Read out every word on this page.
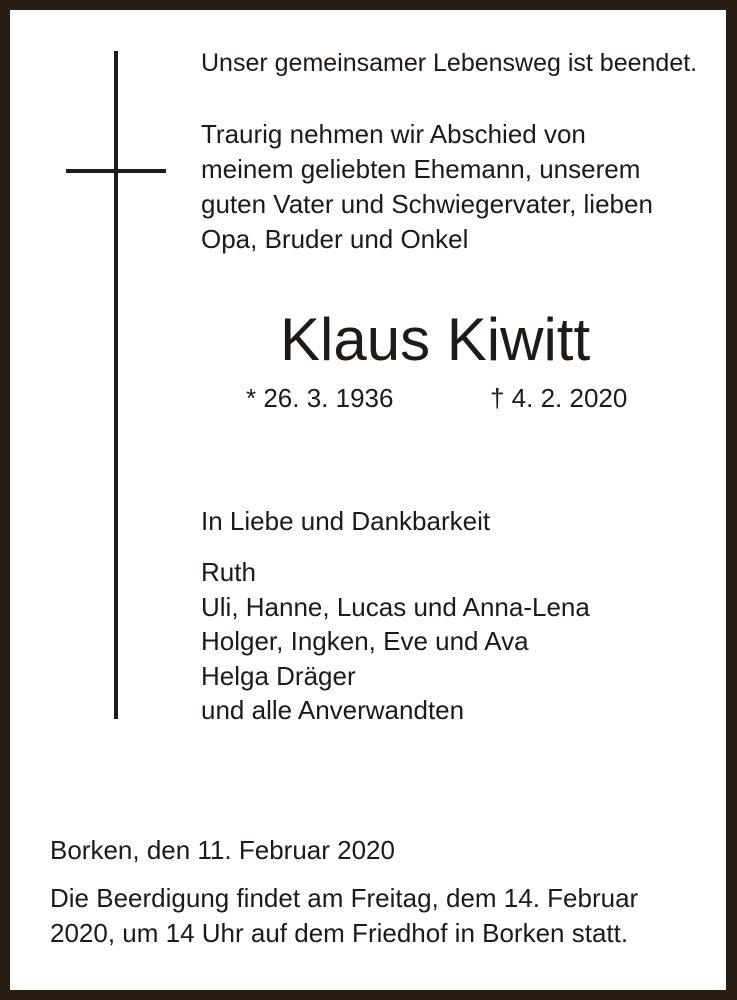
Unser gemeinsamer Lebensweg ist beendet.

Traurig nehmen wir Abschied von
meinem geliebten Ehemann, unserem
guten Vater und Schwiegervater, lieben
Opa, Bruder und Onkel

Klaus Kiwitt

* 26. 3. 1936	† 4. 2. 2020

In Liebe und Dankbarkeit

Ruth
Uli, Hanne, Lucas und Anna-Lena
Holger, Ingken, Eve und Ava
Helga Dräger
und alle Anverwandten

Borken, den 11. Februar 2020

Die Beerdigung findet am Freitag, dem 14. Februar
2020, um 14 Uhr auf dem Friedhof in Borken statt.
